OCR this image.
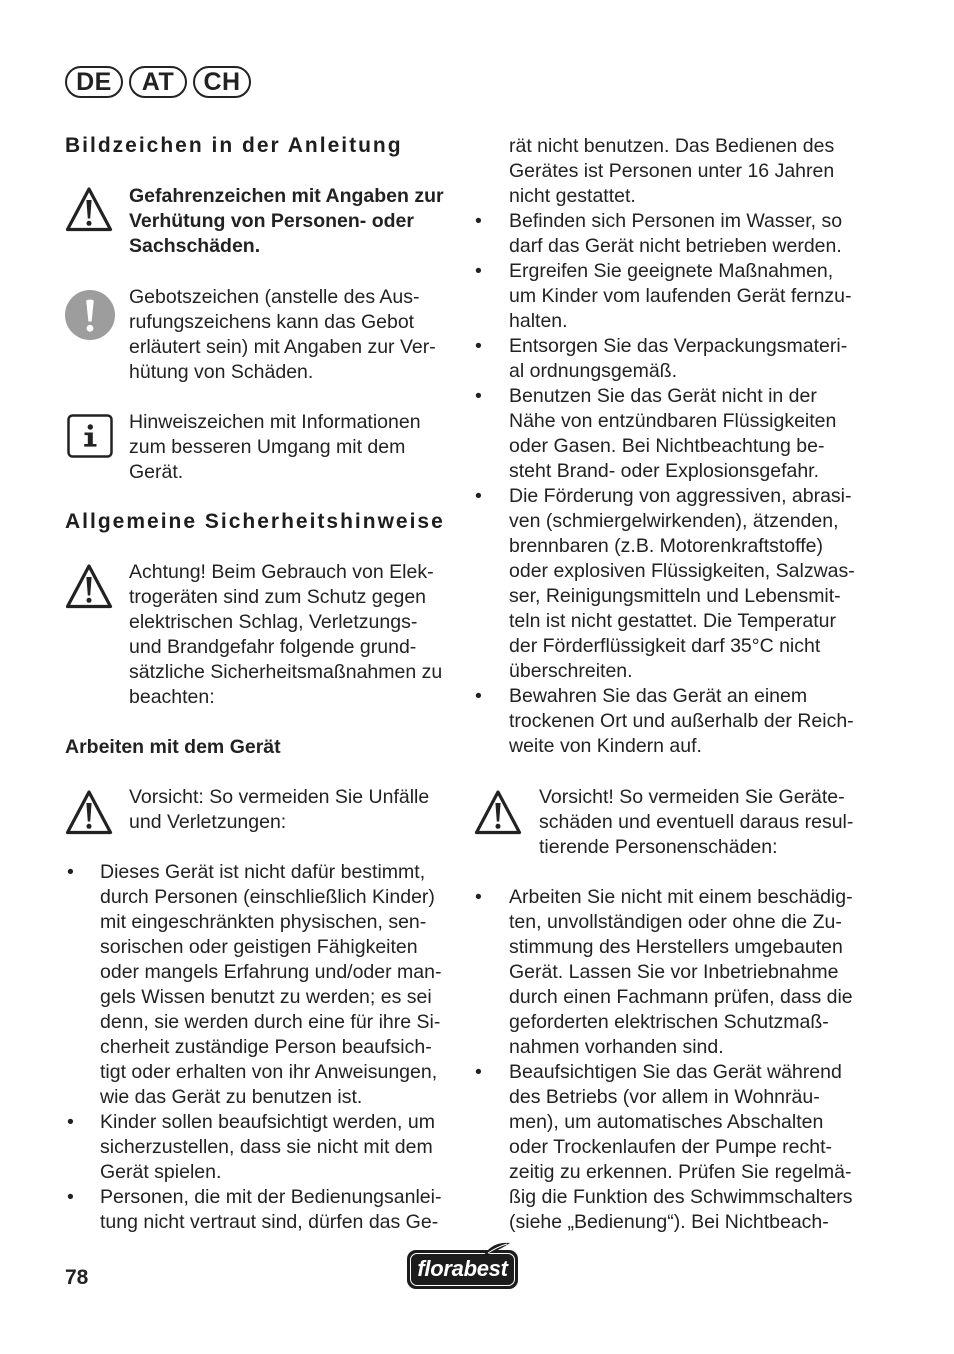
DE	AT	CH
Bildzeichen in der Anleitung
Gefahrenzeichen mit Angaben zur
Verhütung von Personen- oder
Sachschäden.
Gebotszeichen (anstelle des Aus-
rufungszeichens kann das Gebot
erläutert sein) mit Angaben zur Ver-
hütung von Schäden.
Hinweiszeichen mit Informationen
zum besseren Umgang mit dem
Gerät.
Allgemeine Sicherheitshinweise
Achtung! Beim Gebrauch von Elek-
trogeräten sind zum Schutz gegen
elektrischen Schlag, Verletzungs-
und Brandgefahr folgende grund-
sätzliche Sicherheitsmaßnahmen zu
beachten:
Arbeiten mit dem Gerät
Vorsicht: So vermeiden Sie Unfälle
und Verletzungen:
•	Dieses Gerät ist nicht dafür bestimmt,
durch Personen (einschließlich Kinder)
mit eingeschränkten physischen, sen-
sorischen oder geistigen Fähigkeiten
oder mangels Erfahrung und/oder man-
gels Wissen benutzt zu werden; es sei
denn, sie werden durch eine für ihre Si-
cherheit zuständige Person beaufsich-
tigt oder erhalten von ihr Anweisungen,
wie das Gerät zu benutzen ist.
•	Kinder sollen beaufsichtigt werden, um
sicherzustellen, dass sie nicht mit dem
Gerät spielen.
•	Personen, die mit der Bedienungsanlei-
tung nicht vertraut sind, dürfen das Ge-
rät nicht benutzen. Das Bedienen des
Gerätes ist Personen unter 16 Jahren
nicht gestattet.
•	Befinden sich Personen im Wasser, so
darf das Gerät nicht betrieben werden.
•	Ergreifen Sie geeignete Maßnahmen,
um Kinder vom laufenden Gerät fernzu-
halten.
•	Entsorgen Sie das Verpackungsmateri-
al ordnungsgemäß.
•	Benutzen Sie das Gerät nicht in der
Nähe von entzündbaren Flüssigkeiten
oder Gasen. Bei Nichtbeachtung be-
steht Brand- oder Explosionsgefahr.
•	Die Förderung von aggressiven, abrasi-
ven (schmiergelwirkenden), ätzenden,
brennbaren (z.B. Motorenkraftstoffe)
oder explosiven Flüssigkeiten, Salzwas-
ser, Reinigungsmitteln und Lebensmit-
teln ist nicht gestattet. Die Temperatur
der Förderflüssigkeit darf 35°C nicht
überschreiten.
•	Bewahren Sie das Gerät an einem
trockenen Ort und außerhalb der Reich-
weite von Kindern auf.
Vorsicht! So vermeiden Sie Geräte-
schäden und eventuell daraus resul-
tierende Personenschäden:
•	Arbeiten Sie nicht mit einem beschädig-
ten, unvollständigen oder ohne die Zu-
stimmung des Herstellers umgebauten
Gerät. Lassen Sie vor Inbetriebnahme
durch einen Fachmann prüfen, dass die
geforderten elektrischen Schutzmaß-
nahmen vorhanden sind.
•	Beaufsichtigen Sie das Gerät während
des Betriebs (vor allem in Wohnräu-
men), um automatisches Abschalten
oder Trockenlaufen der Pumpe recht-
zeitig zu erkennen. Prüfen Sie regelmä-
ßig die Funktion des Schwimmschalters
(siehe „Bedienung“). Bei Nichtbeach-
78	florabest
